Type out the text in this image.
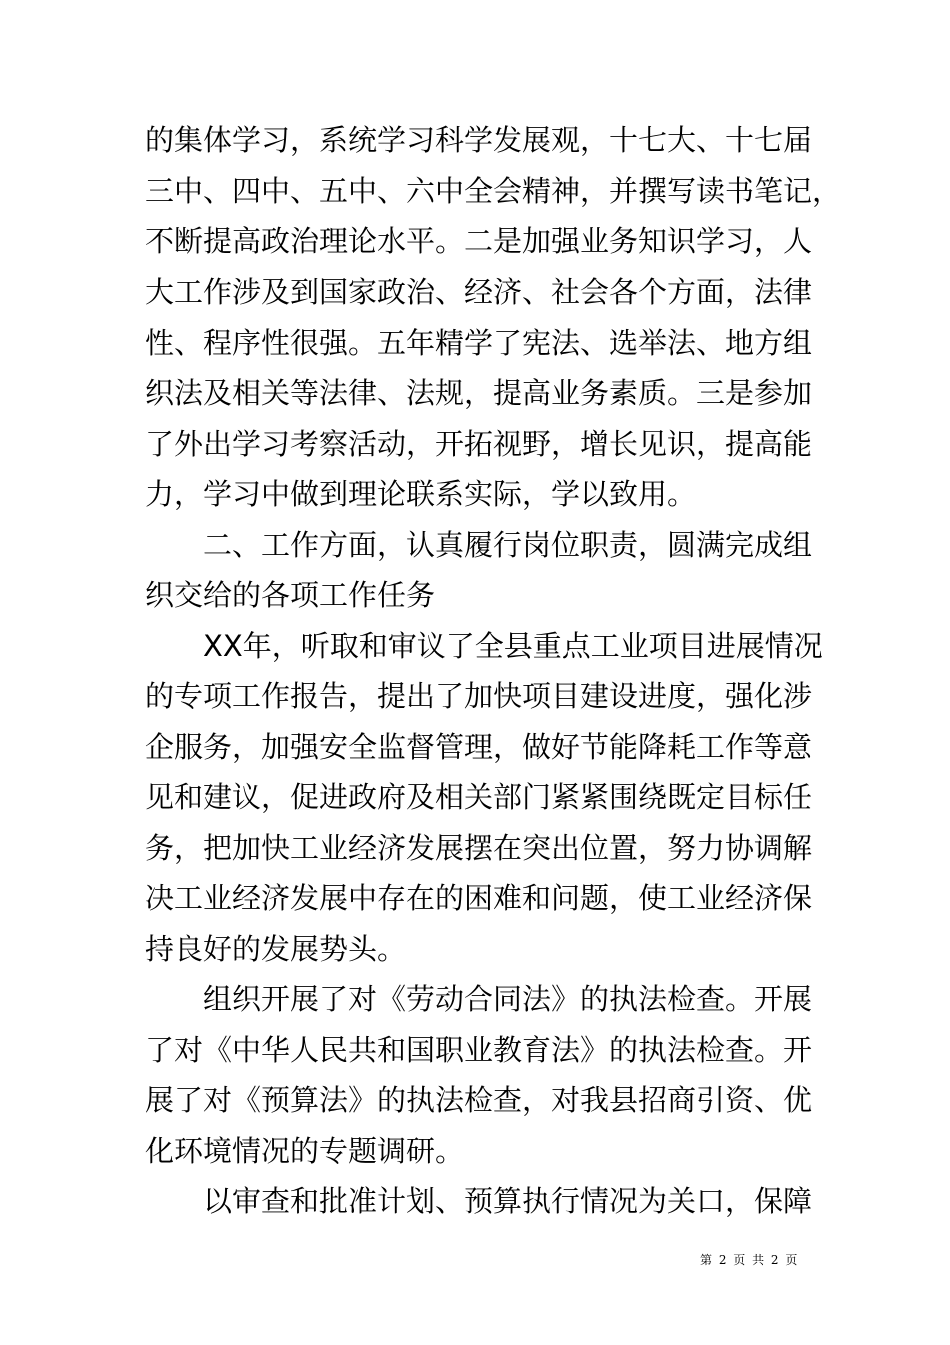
的集体学习，系统学习科学发展观，十七大、十七届

三中、四中、五中、六中全会精神，并撰写读书笔记，

不断提高政治理论水平。二是加强业务知识学习，人

大工作涉及到国家政治、经济、社会各个方面，法律

性、程序性很强。五年精学了宪法、选举法、地方组

织法及相关等法律、法规，提高业务素质。三是参加

了外出学习考察活动，开拓视野，增长见识，提高能

力，学习中做到理论联系实际，学以致用。

二、工作方面，认真履行岗位职责，圆满完成组

织交给的各项工作任务

XX年，听取和审议了全县重点工业项目进展情况

的专项工作报告，提出了加快项目建设进度，强化涉

企服务，加强安全监督管理，做好节能降耗工作等意

见和建议，促进政府及相关部门紧紧围绕既定目标任

务，把加快工业经济发展摆在突出位置，努力协调解

决工业经济发展中存在的困难和问题，使工业经济保

持良好的发展势头。

组织开展了对《劳动合同法》的执法检查。开展

了对《中华人民共和国职业教育法》的执法检查。开

展了对《预算法》的执法检查，对我县招商引资、优

化环境情况的专题调研。

以审查和批准计划、预算执行情况为关口，保障

第 2 页 共 2 页
